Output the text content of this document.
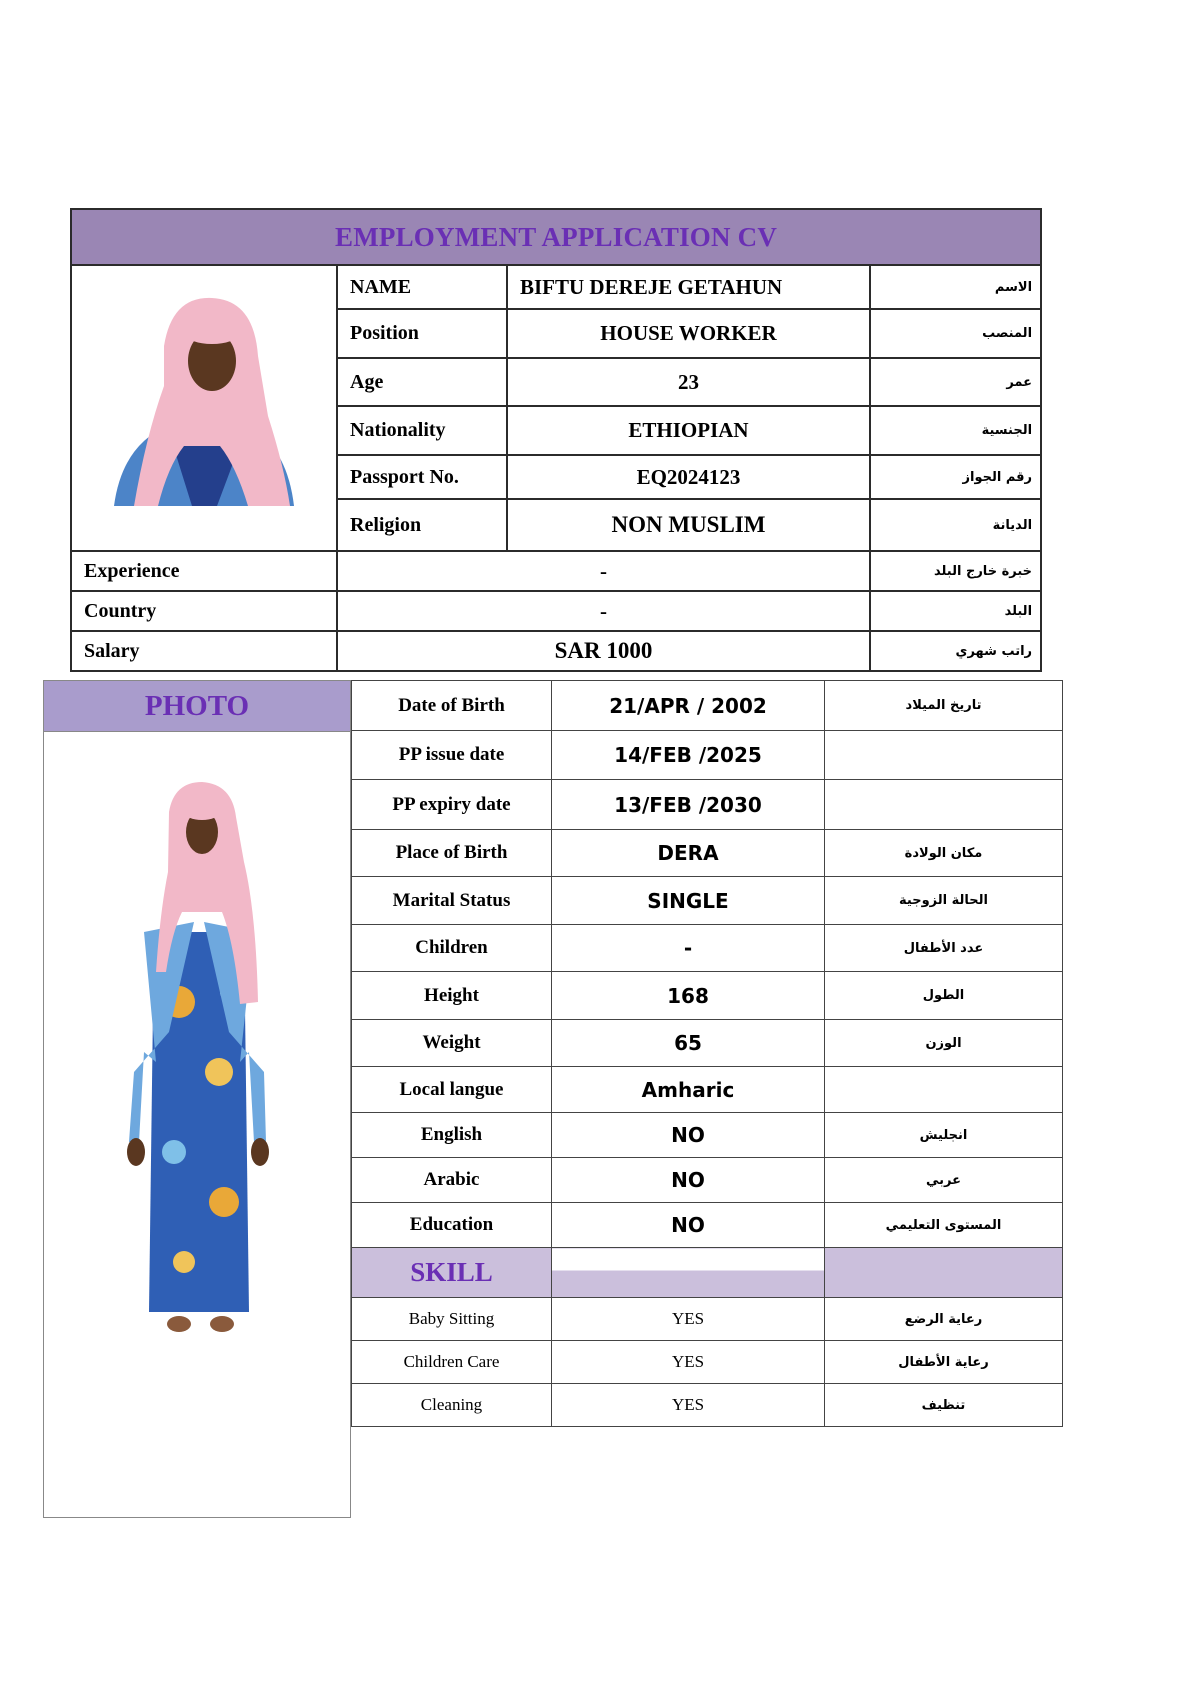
EMPLOYMENT APPLICATION CV			
	NAME	BIFTU DEREJE GETAHUN	الاسم
	Position	HOUSE WORKER	المنصب
	Age	23	عمر
	Nationality	ETHIOPIAN	الجنسية
	Passport No.	EQ2024123	رقم الجواز
	Religion	NON MUSLIM	الديانة
Experience	-		خبرة خارج البلد
Country	-		البلد
Salary	SAR 1000		راتب شهري
PHOTO	Date of Birth	21/APR / 2002	تاريخ الميلاد
PP issue date	14/FEB /2025	
PP expiry date	13/FEB /2030	
Place of Birth	DERA	مكان الولادة
Marital Status	SINGLE	الحالة الزوجية
Children	-	عدد الأطفال
Height	168	الطول
Weight	65	الوزن
Local langue	Amharic	
English	NO	انجليش
Arabic	NO	عربي
Education	NO	المستوى التعليمي
SKILL		
Baby Sitting	YES	رعاية الرضع
Children Care	YES	رعاية الأطفال
Cleaning	YES	تنظيف
